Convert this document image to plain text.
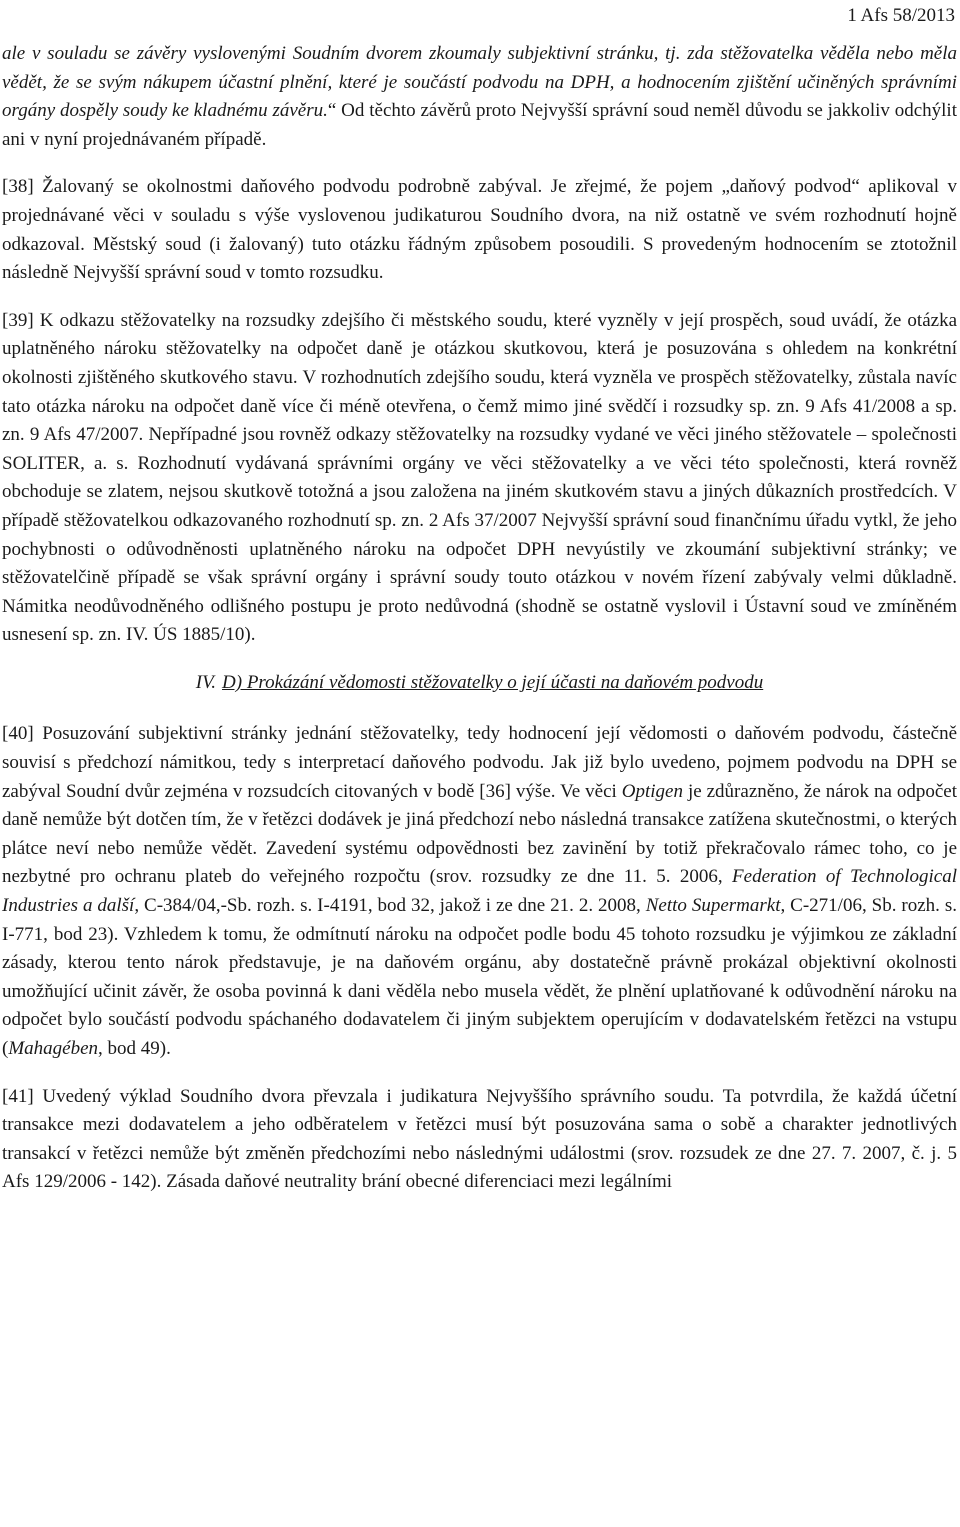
1 Afs 58/2013

ale v souladu se závěry vyslovenými Soudním dvorem zkoumaly subjektivní stránku, tj. zda stěžovatelka věděla nebo měla vědět, že se svým nákupem účastní plnění, které je součástí podvodu na DPH, a hodnocením zjištění učiněných správními orgány dospěly soudy ke kladnému závěru.“ Od těchto závěrů proto Nejvyšší správní soud neměl důvodu se jakkoliv odchýlit ani v nyní projednávaném případě.

[38] Žalovaný se okolnostmi daňového podvodu podrobně zabýval. Je zřejmé, že pojem „daňový podvod“ aplikoval v projednávané věci v souladu s výše vyslovenou judikaturou Soudního dvora, na niž ostatně ve svém rozhodnutí hojně odkazoval. Městský soud (i žalovaný) tuto otázku řádným způsobem posoudili. S provedeným hodnocením se ztotožnil následně Nejvyšší správní soud v tomto rozsudku.

[39] K odkazu stěžovatelky na rozsudky zdejšího či městského soudu, které vyzněly v její prospěch, soud uvádí, že otázka uplatněného nároku stěžovatelky na odpočet daně je otázkou skutkovou, která je posuzována s ohledem na konkrétní okolnosti zjištěného skutkového stavu. V rozhodnutích zdejšího soudu, která vyzněla ve prospěch stěžovatelky, zůstala navíc tato otázka nároku na odpočet daně více či méně otevřena, o čemž mimo jiné svědčí i rozsudky sp. zn. 9 Afs 41/2008 a sp. zn. 9 Afs 47/2007. Nepřípadné jsou rovněž odkazy stěžovatelky na rozsudky vydané ve věci jiného stěžovatele – společnosti SOLITER, a. s. Rozhodnutí vydávaná správními orgány ve věci stěžovatelky a ve věci této společnosti, která rovněž obchoduje se zlatem, nejsou skutkově totožná a jsou založena na jiném skutkovém stavu a jiných důkazních prostředcích. V případě stěžovatelkou odkazovaného rozhodnutí sp. zn. 2 Afs 37/2007 Nejvyšší správní soud finančnímu úřadu vytkl, že jeho pochybnosti o odůvodněnosti uplatněného nároku na odpočet DPH nevyústily ve zkoumání subjektivní stránky; ve stěžovatelčině případě se však správní orgány i správní soudy touto otázkou v novém řízení zabývaly velmi důkladně. Námitka neodůvodněného odlišného postupu je proto nedůvodná (shodně se ostatně vyslovil i Ústavní soud ve zmíněném usnesení sp. zn. IV. ÚS 1885/10).

IV. D) Prokázání vědomosti stěžovatelky o její účasti na daňovém podvodu

[40] Posuzování subjektivní stránky jednání stěžovatelky, tedy hodnocení její vědomosti o daňovém podvodu, částečně souvisí s předchozí námitkou, tedy s interpretací daňového podvodu. Jak již bylo uvedeno, pojmem podvodu na DPH se zabýval Soudní dvůr zejména v rozsudcích citovaných v bodě [36] výše. Ve věci Optigen je zdůrazněno, že nárok na odpočet daně nemůže být dotčen tím, že v řetězci dodávek je jiná předchozí nebo následná transakce zatížena skutečnostmi, o kterých plátce neví nebo nemůže vědět. Zavedení systému odpovědnosti bez zavinění by totiž překračovalo rámec toho, co je nezbytné pro ochranu plateb do veřejného rozpočtu (srov. rozsudky ze dne 11. 5. 2006, Federation of Technological Industries a další, C-384/04,-Sb. rozh. s. I-4191, bod 32, jakož i ze dne 21. 2. 2008, Netto Supermarkt, C-271/06, Sb. rozh. s. I-771, bod 23). Vzhledem k tomu, že odmítnutí nároku na odpočet podle bodu 45 tohoto rozsudku je výjimkou ze základní zásady, kterou tento nárok představuje, je na daňovém orgánu, aby dostatečně právně prokázal objektivní okolnosti umožňující učinit závěr, že osoba povinná k dani věděla nebo musela vědět, že plnění uplatňované k odůvodnění nároku na odpočet bylo součástí podvodu spáchaného dodavatelem či jiným subjektem operujícím v dodavatelském řetězci na vstupu (Mahagében, bod 49).

[41] Uvedený výklad Soudního dvora převzala i judikatura Nejvyššího správního soudu. Ta potvrdila, že každá účetní transakce mezi dodavatelem a jeho odběratelem v řetězci musí být posuzována sama o sobě a charakter jednotlivých transakcí v řetězci nemůže být změněn předchozími nebo následnými událostmi (srov. rozsudek ze dne 27. 7. 2007, č. j. 5 Afs 129/2006 - 142). Zásada daňové neutrality brání obecné diferenciaci mezi legálními
